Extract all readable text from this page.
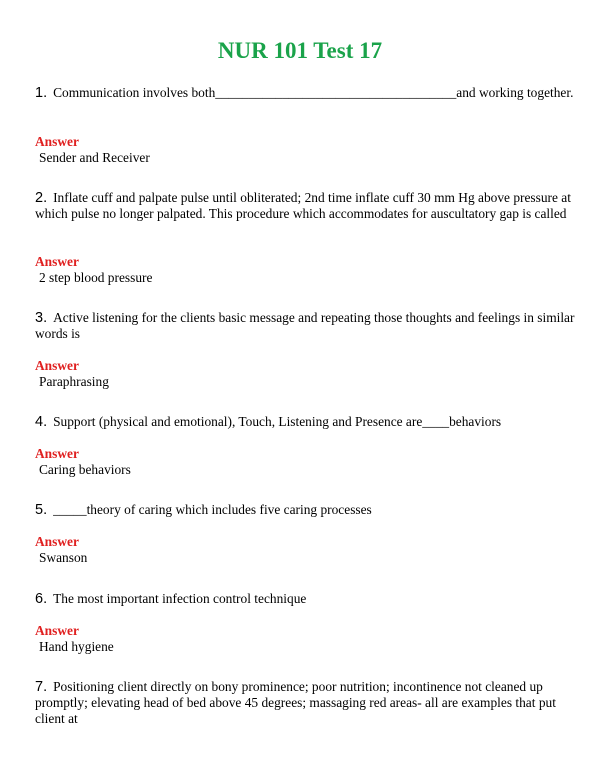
NUR 101 Test 17
1. Communication involves both____________________________________and working together.
Answer
Sender and Receiver
2. Inflate cuff and palpate pulse until obliterated; 2nd time inflate cuff 30 mm Hg above pressure at which pulse no longer palpated. This procedure which accommodates for auscultatory gap is called
Answer
2 step blood pressure
3. Active listening for the clients basic message and repeating those thoughts and feelings in similar words is
Answer
Paraphrasing
4. Support (physical and emotional), Touch, Listening and Presence are____behaviors
Answer
Caring behaviors
5. _____theory of caring which includes five caring processes
Answer
Swanson
6. The most important infection control technique
Answer
Hand hygiene
7. Positioning client directly on bony prominence; poor nutrition; incontinence not cleaned up promptly; elevating head of bed above 45 degrees; massaging red areas- all are examples that put client at
